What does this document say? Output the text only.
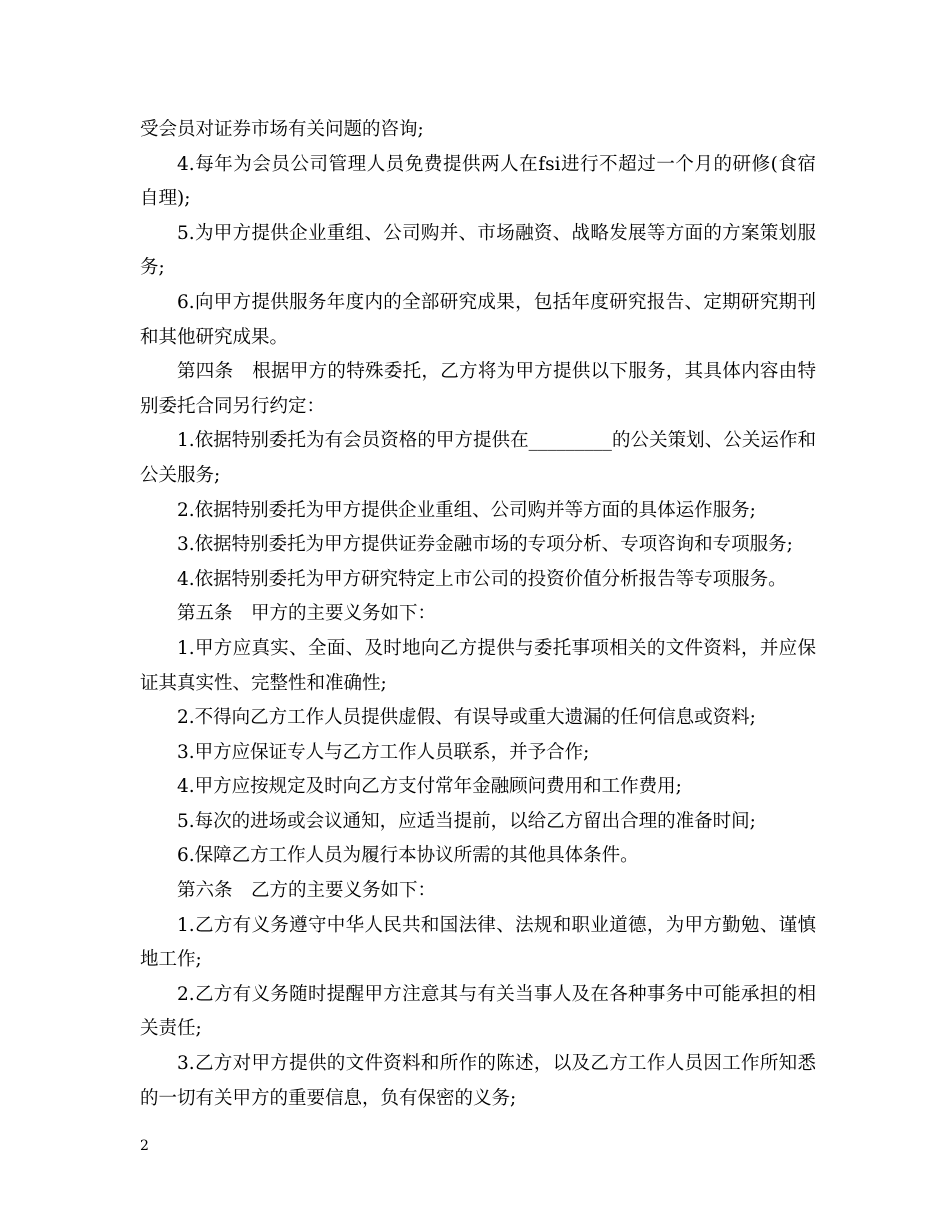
受会员对证券市场有关问题的咨询;

4.每年为会员公司管理人员免费提供两人在fsi进行不超过一个月的研修(食宿自理);

5.为甲方提供企业重组、公司购并、市场融资、战略发展等方面的方案策划服务;

6.向甲方提供服务年度内的全部研究成果，包括年度研究报告、定期研究期刊和其他研究成果。

第四条　根据甲方的特殊委托，乙方将为甲方提供以下服务，其具体内容由特别委托合同另行约定：

1.依据特别委托为有会员资格的甲方提供在_________的公关策划、公关运作和公关服务;

2.依据特别委托为甲方提供企业重组、公司购并等方面的具体运作服务;

3.依据特别委托为甲方提供证券金融市场的专项分析、专项咨询和专项服务;

4.依据特别委托为甲方研究特定上市公司的投资价值分析报告等专项服务。

第五条　甲方的主要义务如下：

1.甲方应真实、全面、及时地向乙方提供与委托事项相关的文件资料，并应保证其真实性、完整性和准确性;

2.不得向乙方工作人员提供虚假、有误导或重大遗漏的任何信息或资料;

3.甲方应保证专人与乙方工作人员联系，并予合作;

4.甲方应按规定及时向乙方支付常年金融顾问费用和工作费用;

5.每次的进场或会议通知，应适当提前，以给乙方留出合理的准备时间;

6.保障乙方工作人员为履行本协议所需的其他具体条件。

第六条　乙方的主要义务如下：

1.乙方有义务遵守中华人民共和国法律、法规和职业道德，为甲方勤勉、谨慎地工作;

2.乙方有义务随时提醒甲方注意其与有关当事人及在各种事务中可能承担的相关责任;

3.乙方对甲方提供的文件资料和所作的陈述，以及乙方工作人员因工作所知悉的一切有关甲方的重要信息，负有保密的义务;

2
